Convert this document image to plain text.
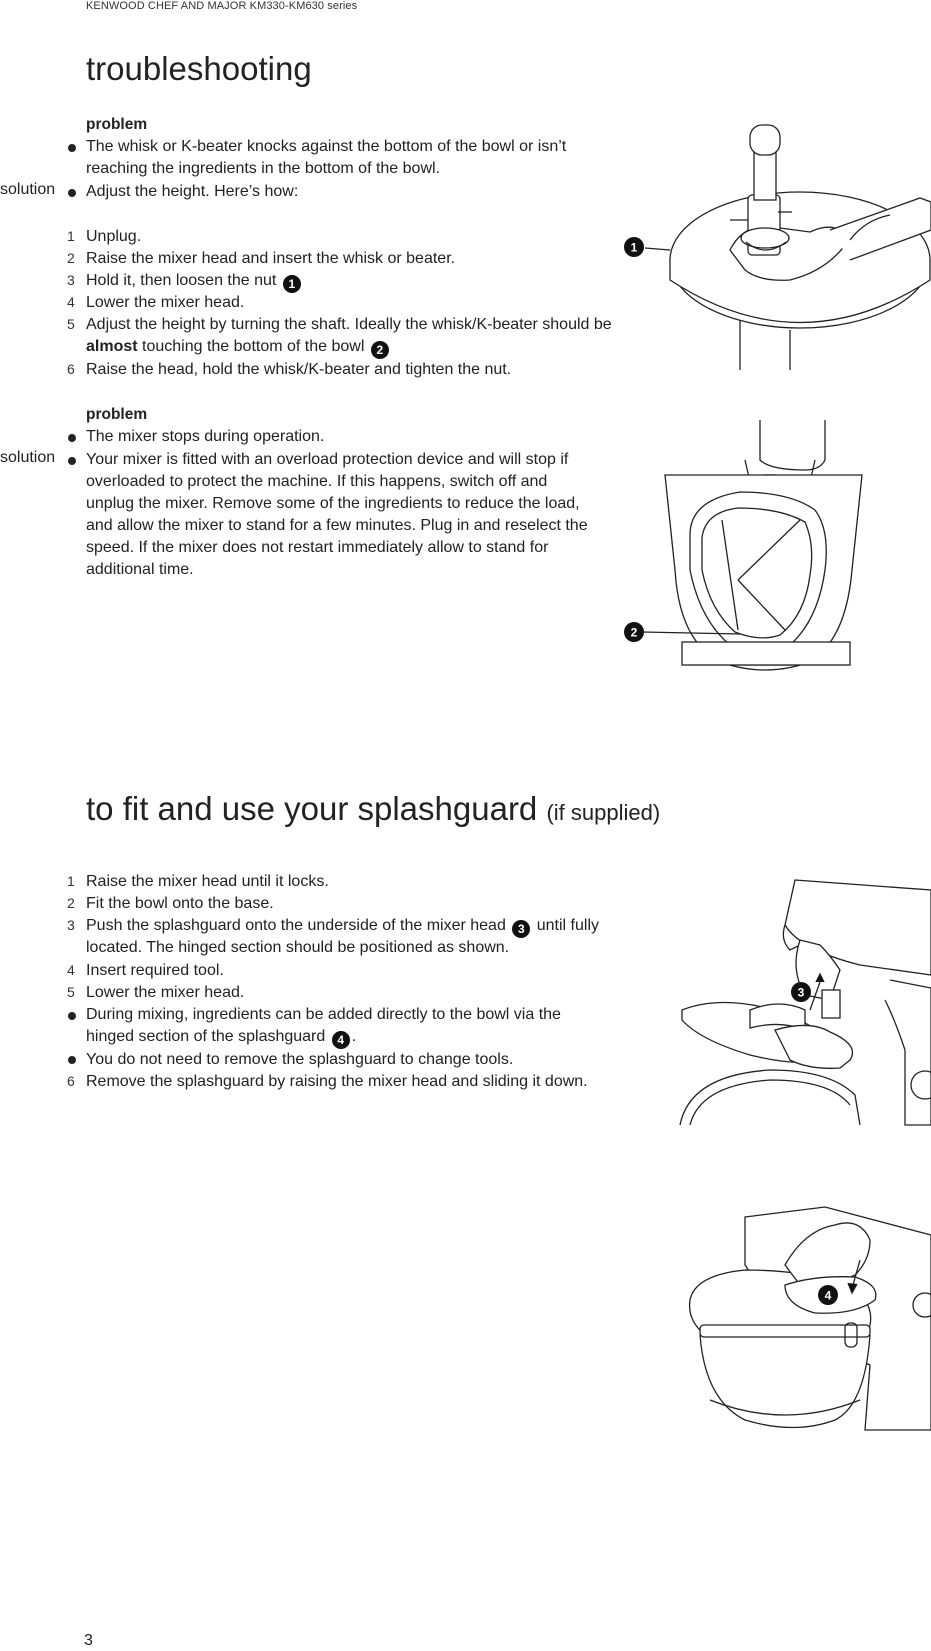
KENWOOD CHEF AND MAJOR KM330-KM630 series
troubleshooting
problem
The whisk or K-beater knocks against the bottom of the bowl or isn’t
reaching the ingredients in the bottom of the bowl.
solution Adjust the height. Here’s how:
1 Unplug.
2 Raise the mixer head and insert the whisk or beater.
3 Hold it, then loosen the nut 1
4 Lower the mixer head.
5 Adjust the height by turning the shaft. Ideally the whisk/K-beater should be
almost touching the bottom of the bowl 2
6 Raise the head, hold the whisk/K-beater and tighten the nut.
problem
The mixer stops during operation.
solution Your mixer is fitted with an overload protection device and will stop if
overloaded to protect the machine. If this happens, switch off and
unplug the mixer. Remove some of the ingredients to reduce the load,
and allow the mixer to stand for a few minutes. Plug in and reselect the
speed. If the mixer does not restart immediately allow to stand for
additional time.
1
2
to fit and use your splashguard (if supplied)
1 Raise the mixer head until it locks.
2 Fit the bowl onto the base.
3 Push the splashguard onto the underside of the mixer head 3 until fully
located. The hinged section should be positioned as shown.
4 Insert required tool.
5 Lower the mixer head.
During mixing, ingredients can be added directly to the bowl via the
hinged section of the splashguard 4 .
You do not need to remove the splashguard to change tools.
6 Remove the splashguard by raising the mixer head and sliding it down.
3
4
3
